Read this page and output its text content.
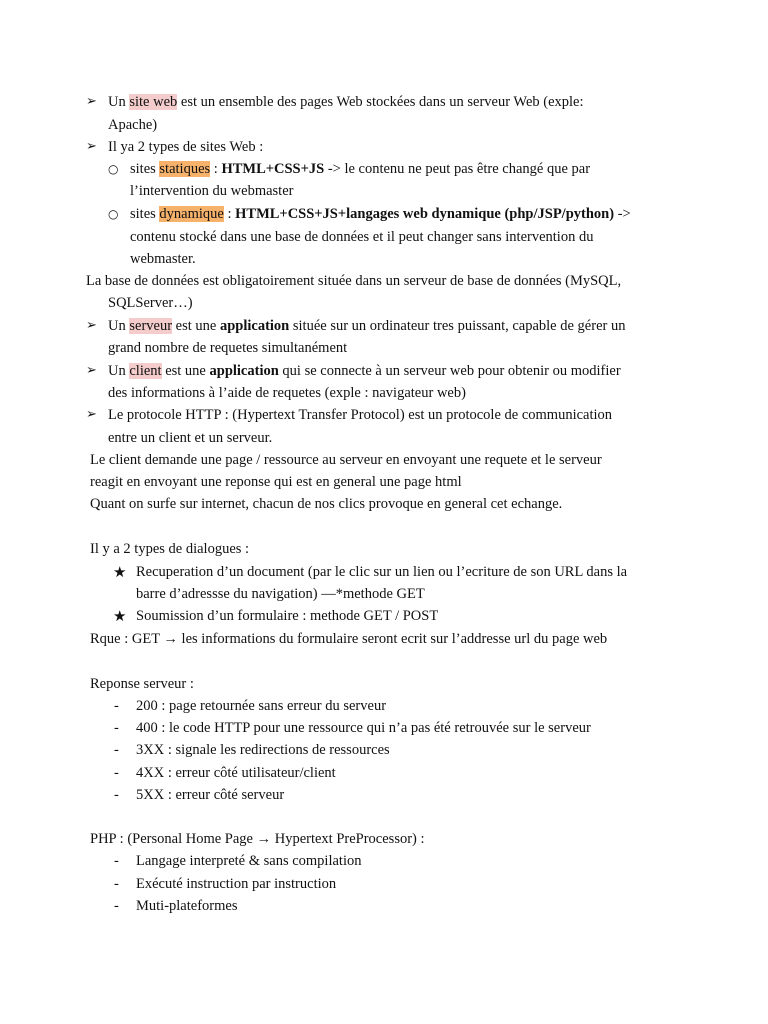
➢ Un site web est un ensemble des pages Web stockées dans un serveur Web (exple:
Apache)
➢ Il ya 2 types de sites Web :
○ sites statiques : HTML+CSS+JS -> le contenu ne peut pas être changé que par
l’intervention du webmaster
○ sites dynamique : HTML+CSS+JS+langages web dynamique (php/JSP/python) ->
contenu stocké dans une base de données et il peut changer sans intervention du
webmaster.
La base de données est obligatoirement située dans un serveur de base de données (MySQL,
SQLServer…)
➢ Un serveur est une application située sur un ordinateur tres puissant, capable de gérer un
grand nombre de requetes simultanément
➢ Un client est une application qui se connecte à un serveur web pour obtenir ou modifier
des informations à l’aide de requetes (exple : navigateur web)
➢ Le protocole HTTP : (Hypertext Transfer Protocol) est un protocole de communication
entre un client et un serveur.
Le client demande une page / ressource au serveur en envoyant une requete et le serveur
reagit en envoyant une reponse qui est en general une page html
Quant on surfe sur internet, chacun de nos clics provoque en general cet echange.
Il y a 2 types de dialogues :
★ Recuperation d’un document (par le clic sur un lien ou l’ecriture de son URL dans la
barre d’adressse du navigation) —*methode GET
★ Soumission d’un formulaire : methode GET / POST
Rque : GET → les informations du formulaire seront ecrit sur l’addresse url du page web
Reponse serveur :
- 200 : page retournée sans erreur du serveur
- 400 : le code HTTP pour une ressource qui n’a pas été retrouvée sur le serveur
- 3XX : signale les redirections de ressources
- 4XX : erreur côté utilisateur/client
- 5XX : erreur côté serveur
PHP : (Personal Home Page → Hypertext PreProcessor) :
- Langage interpreté & sans compilation
- Exécuté instruction par instruction
- Muti-plateformes
